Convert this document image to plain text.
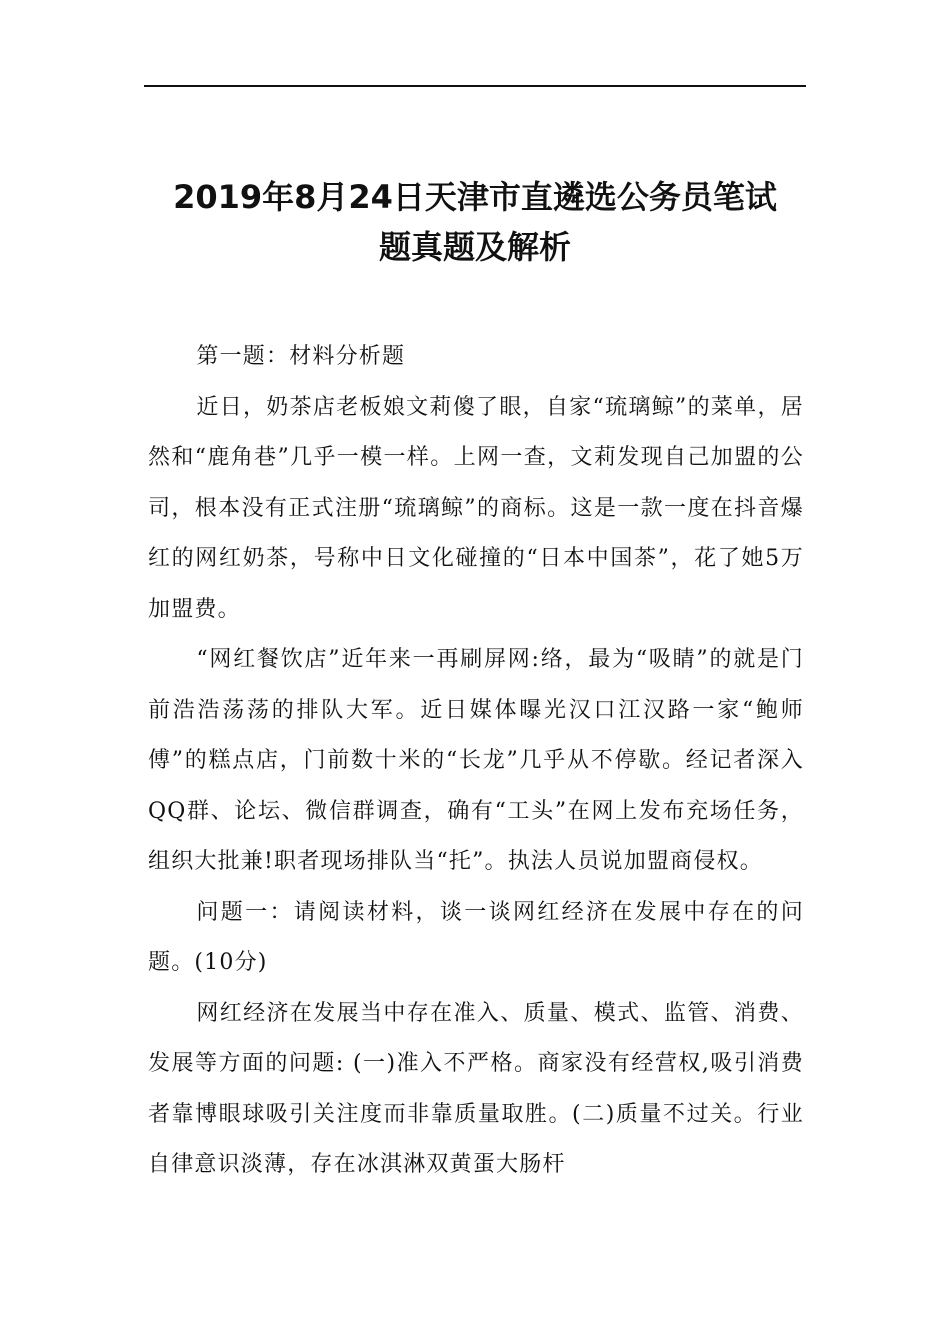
2019年8月24日天津市直遴选公务员笔试
题真题及解析

第一题：材料分析题

近日，奶茶店老板娘文莉傻了眼，自家“琉璃鲸”的菜单，居然和“鹿角巷”几乎一模一样。上网一查，文莉发现自己加盟的公司，根本没有正式注册“琉璃鲸”的商标。这是一款一度在抖音爆红的网红奶茶，号称中日文化碰撞的“日本中国茶”，花了她5万加盟费。

“网红餐饮店”近年来一再刷屏网:络，最为“吸睛”的就是门前浩浩荡荡的排队大军。近日媒体曝光汉口江汉路一家“鲍师傅”的糕点店，门前数十米的“长龙”几乎从不停歇。经记者深入QQ群、论坛、微信群调查，确有“工头”在网上发布充场任务，组织大批兼!职者现场排队当“托”。执法人员说加盟商侵权。

问题一：请阅读材料，谈一谈网红经济在发展中存在的问题。(10分)

网红经济在发展当中存在准入、质量、模式、监管、消费、发展等方面的问题: (一)准入不严格。商家没有经营权,吸引消费者靠博眼球吸引关注度而非靠质量取胜。(二)质量不过关。行业自律意识淡薄，存在冰淇淋双黄蛋大肠杆
